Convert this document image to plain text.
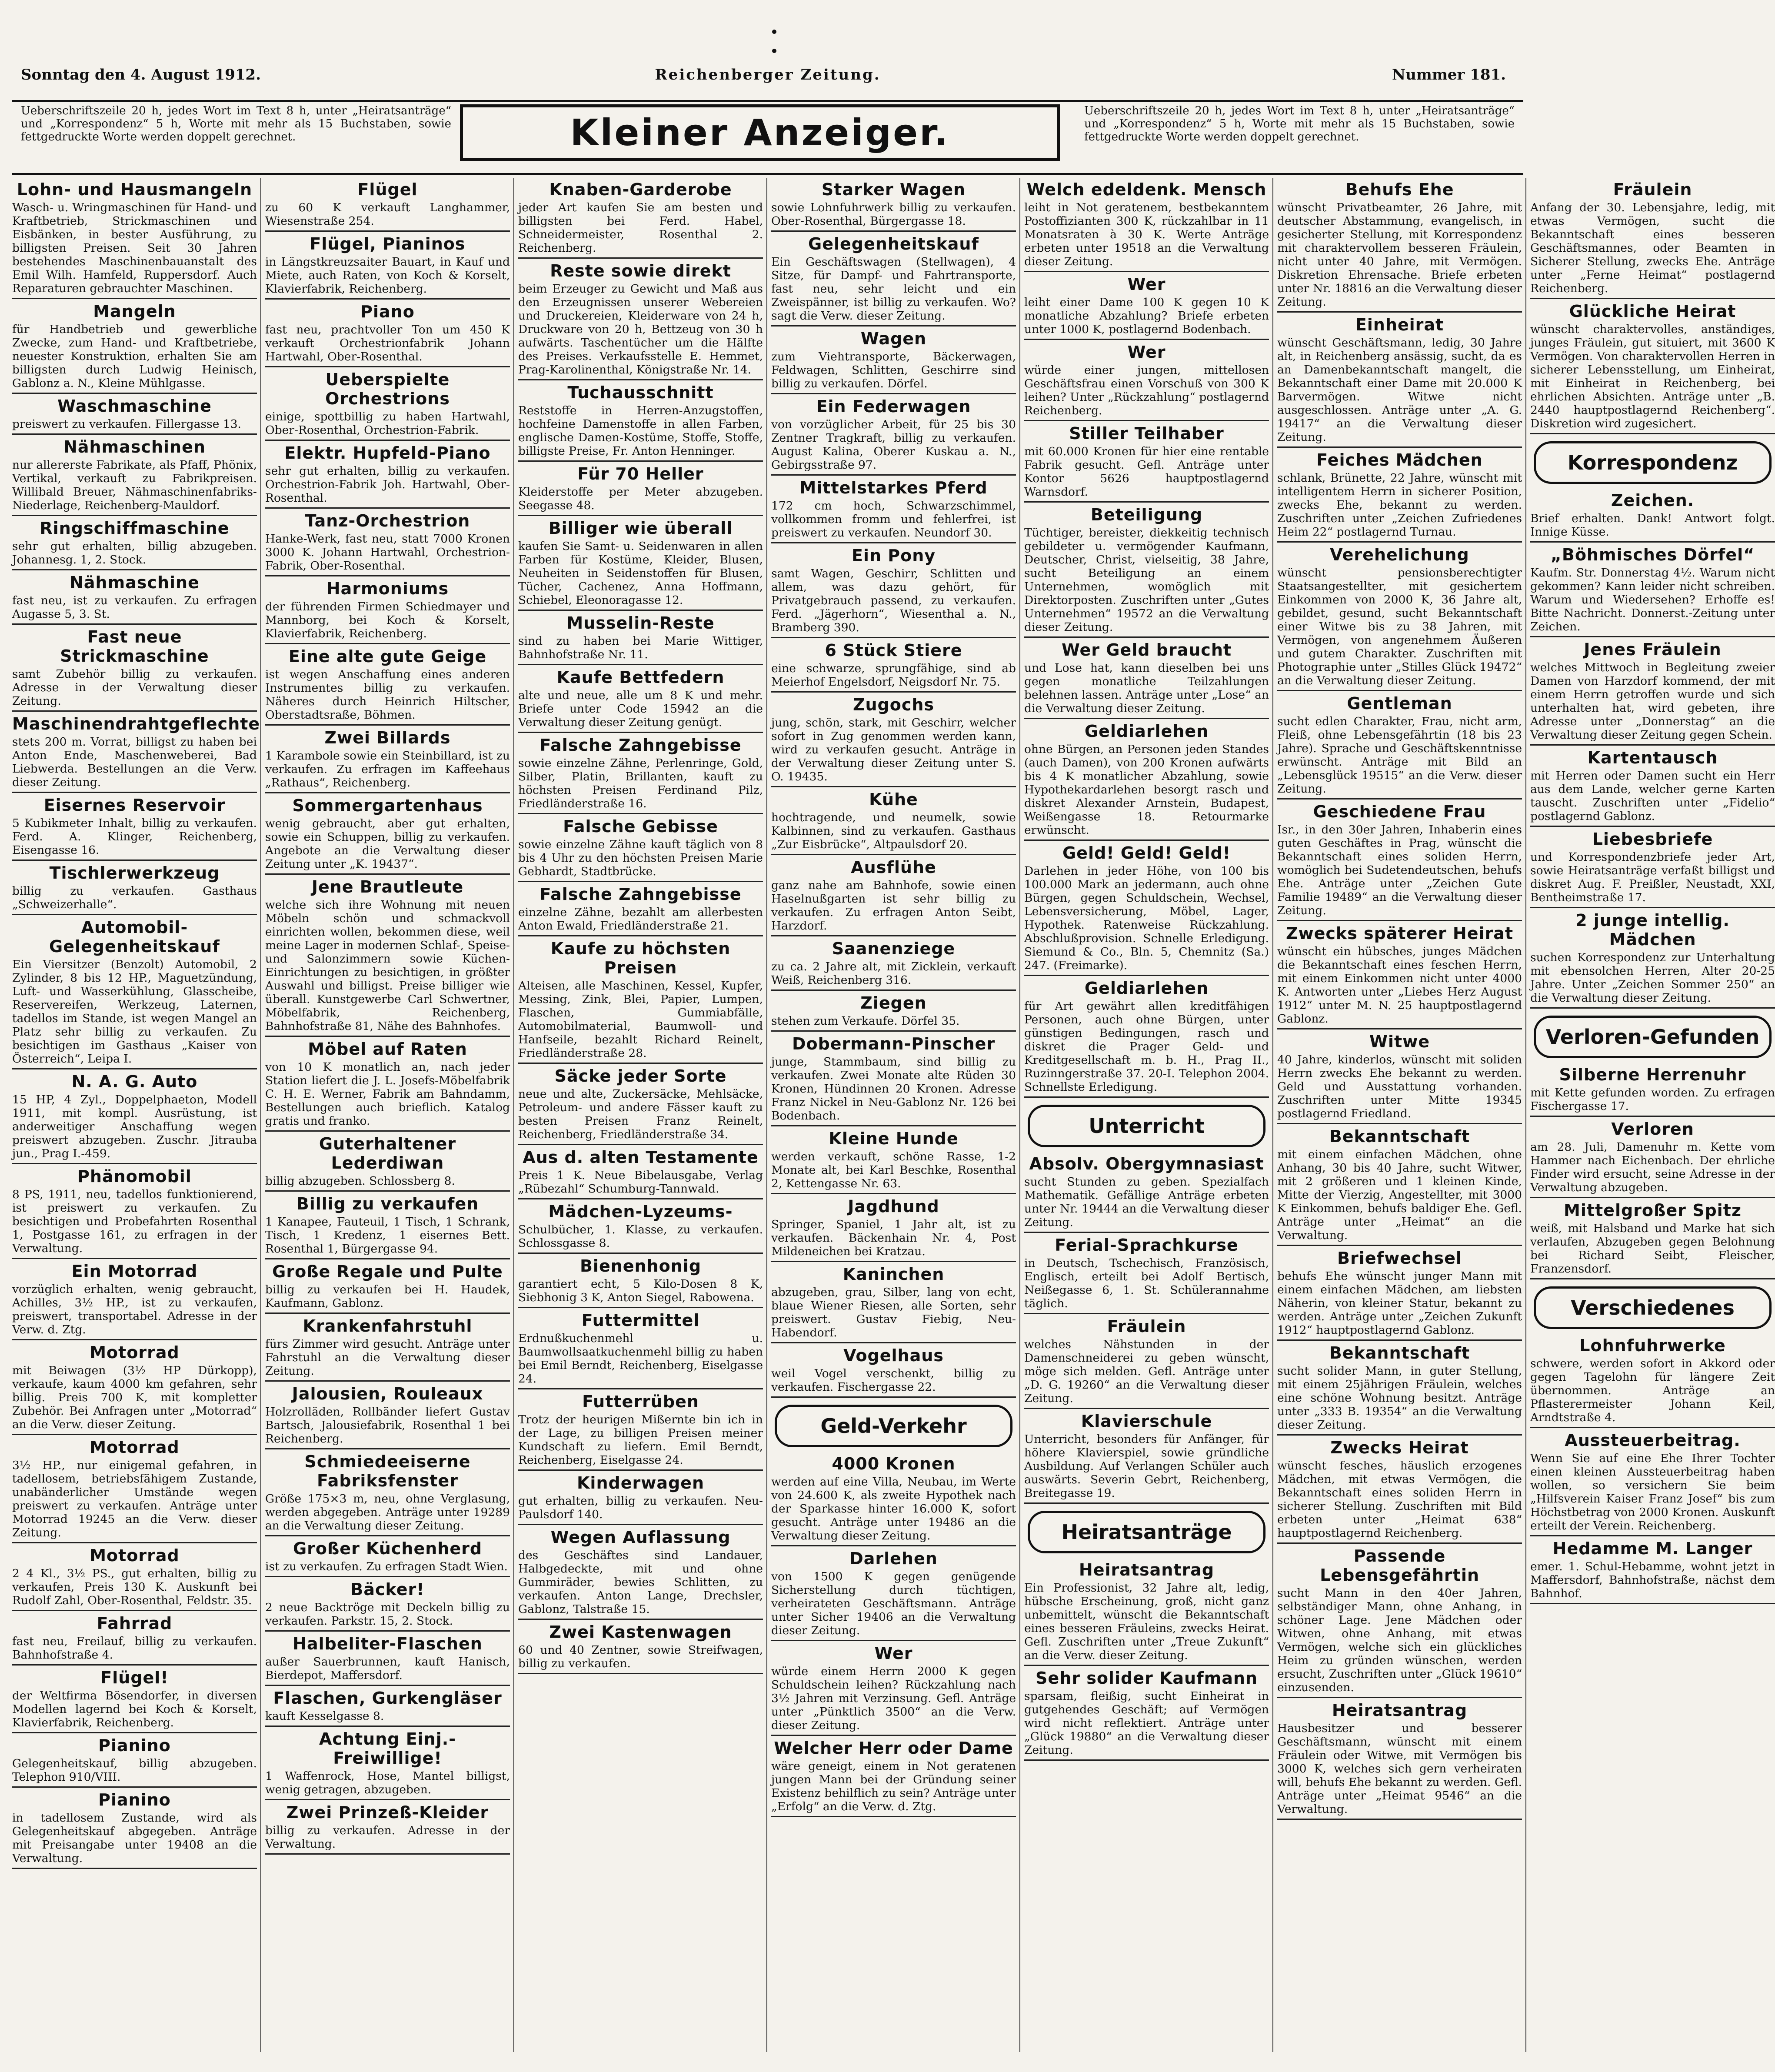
Sonntag den 4. August 1912.	Reichenberger Zeitung.	Nummer 181.
Ueberschriftszeile 20 h, jedes Wort im Text 8 h, unter „Heiratsanträge“ und „Korrespondenz“ 5 h, Worte mit mehr als 15 Buchstaben, sowie fettgedruckte Worte werden doppelt gerechnet.	Kleiner Anzeiger.
Ueberschriftszeile 20 h, jedes Wort im Text 8 h, unter „Heiratsanträge“ und „Korrespondenz“ 5 h, Worte mit mehr als 15 Buchstaben, sowie fettgedruckte Worte werden doppelt gerechnet.
Lohn- und Hausmangeln

Wasch- u. Wringmaschinen für Hand- und Kraftbetrieb, Strickmaschinen und Eisbänken, in bester Ausführung, zu billigsten Preisen. Seit 30 Jahren bestehendes Maschinenbauanstalt des Emil Wilh. Hamfeld, Ruppersdorf. Auch Reparaturen gebrauchter Maschinen.

Mangeln

für Handbetrieb und gewerbliche Zwecke, zum Hand- und Kraftbetriebe, neuester Konstruktion, erhalten Sie am billigsten durch Ludwig Heinisch, Gablonz a. N., Kleine Mühlgasse.

Waschmaschine

preiswert zu verkaufen. Fillergasse 13.

Nähmaschinen

nur allererste Fabrikate, als Pfaff, Phönix, Vertikal, verkauft zu Fabrikpreisen. Willibald Breuer, Nähmaschinenfabriks-Niederlage, Reichenberg-Mauldorf.

Ringschiffmaschine

sehr gut erhalten, billig abzugeben. Johannesg. 1, 2. Stock.

Nähmaschine

fast neu, ist zu verkaufen. Zu erfragen Augasse 5, 3. St.

Fast neue Strickmaschine

samt Zubehör billig zu verkaufen. Adresse in der Verwaltung dieser Zeitung.

Maschinendrahtgeflechte

stets 200 m. Vorrat, billigst zu haben bei Anton Ende, Maschenweberei, Bad Liebwerda. Bestellungen an die Verw. dieser Zeitung.

Eisernes Reservoir

5 Kubikmeter Inhalt, billig zu verkaufen. Ferd. A. Klinger, Reichenberg, Eisengasse 16.

Tischlerwerkzeug

billig zu verkaufen. Gasthaus „Schweizerhalle“.

Automobil-Gelegenheitskauf

Ein Viersitzer (Benzolt) Automobil, 2 Zylinder, 8 bis 12 HP., Maguetzündung, Luft- und Wasserkühlung, Glasscheibe, Reservereifen, Werkzeug, Laternen, tadellos im Stande, ist wegen Mangel an Platz sehr billig zu verkaufen. Zu besichtigen im Gasthaus „Kaiser von Österreich“, Leipa I.

N. A. G. Auto

15 HP, 4 Zyl., Doppelphaeton, Modell 1911, mit kompl. Ausrüstung, ist anderweitiger Anschaffung wegen preiswert abzugeben. Zuschr. Jitrauba jun., Prag I.-459.

Phänomobil

8 PS, 1911, neu, tadellos funktionierend, ist preiswert zu verkaufen. Zu besichtigen und Probefahrten Rosenthal 1, Postgasse 161, zu erfragen in der Verwaltung.

Ein Motorrad

vorzüglich erhalten, wenig gebraucht, Achilles, 3½ HP., ist zu verkaufen, preiswert, transportabel. Adresse in der Verw. d. Ztg.

Motorrad

mit Beiwagen (3½ HP Dürkopp), verkaufe, kaum 4000 km gefahren, sehr billig. Preis 700 K, mit kompletter Zubehör. Bei Anfragen unter „Motorrad“ an die Verw. dieser Zeitung.

Motorrad

3½ HP., nur einigemal gefahren, in tadellosem, betriebsfähigem Zustande, unabänderlicher Umstände wegen preiswert zu verkaufen. Anträge unter Motorrad 19245 an die Verw. dieser Zeitung.

Motorrad

2 4 Kl., 3½ PS., gut erhalten, billig zu verkaufen, Preis 130 K. Auskunft bei Rudolf Zahl, Ober-Rosenthal, Feldstr. 35.

Fahrrad

fast neu, Freilauf, billig zu verkaufen. Bahnhofstraße 4.

Flügel!

der Weltfirma Bösendorfer, in diversen Modellen lagernd bei Koch & Korselt, Klavierfabrik, Reichenberg.

Pianino

Gelegenheitskauf, billig abzugeben. Telephon 910/VIII.

Pianino

in tadellosem Zustande, wird als Gelegenheitskauf abgegeben. Anträge mit Preisangabe unter 19408 an die Verwaltung.

Flügel

zu 60 K verkauft Langhammer, Wiesenstraße 254.

Flügel, Pianinos

in Längstkreuzsaiter Bauart, in Kauf und Miete, auch Raten, von Koch & Korselt, Klavierfabrik, Reichenberg.

Piano

fast neu, prachtvoller Ton um 450 K verkauft Orchestrionfabrik Johann Hartwahl, Ober-Rosenthal.

Ueberspielte Orchestrions

einige, spottbillig zu haben Hartwahl, Ober-Rosenthal, Orchestrion-Fabrik.

Elektr. Hupfeld-Piano

sehr gut erhalten, billig zu verkaufen. Orchestrion-Fabrik Joh. Hartwahl, Ober-Rosenthal.

Tanz-Orchestrion

Hanke-Werk, fast neu, statt 7000 Kronen 3000 K. Johann Hartwahl, Orchestrion-Fabrik, Ober-Rosenthal.

Harmoniums

der führenden Firmen Schiedmayer und Mannborg, bei Koch & Korselt, Klavierfabrik, Reichenberg.

Eine alte gute Geige

ist wegen Anschaffung eines anderen Instrumentes billig zu verkaufen. Näheres durch Heinrich Hiltscher, Oberstadtsraße, Böhmen.

Zwei Billards

1 Karambole sowie ein Steinbillard, ist zu verkaufen. Zu erfragen im Kaffeehaus „Rathaus“, Reichenberg.

Sommergartenhaus

wenig gebraucht, aber gut erhalten, sowie ein Schuppen, billig zu verkaufen. Angebote an die Verwaltung dieser Zeitung unter „K. 19437“.

Jene Brautleute

welche sich ihre Wohnung mit neuen Möbeln schön und schmackvoll einrichten wollen, bekommen diese, weil meine Lager in modernen Schlaf-, Speise- und Salonzimmern sowie Küchen-Einrichtungen zu besichtigen, in größter Auswahl und billigst. Preise billiger wie überall. Kunstgewerbe Carl Schwertner, Möbelfabrik, Reichenberg, Bahnhofstraße 81, Nähe des Bahnhofes.

Möbel auf Raten

von 10 K monatlich an, nach jeder Station liefert die J. L. Josefs-Möbelfabrik C. H. E. Werner, Fabrik am Bahndamm, Bestellungen auch brieflich. Katalog gratis und franko.

Guterhaltener Lederdiwan

billig abzugeben. Schlossberg 8.

Billig zu verkaufen

1 Kanapee, Fauteuil, 1 Tisch, 1 Schrank, Tisch, 1 Kredenz, 1 eisernes Bett. Rosenthal 1, Bürgergasse 94.

Große Regale und Pulte

billig zu verkaufen bei H. Haudek, Kaufmann, Gablonz.

Krankenfahrstuhl

fürs Zimmer wird gesucht. Anträge unter Fahrstuhl an die Verwaltung dieser Zeitung.

Jalousien, Rouleaux

Holzrolläden, Rollbänder liefert Gustav Bartsch, Jalousiefabrik, Rosenthal 1 bei Reichenberg.

Schmiedeeiserne Fabriksfenster

Größe 175×3 m, neu, ohne Verglasung, werden abgegeben. Anträge unter 19289 an die Verwaltung dieser Zeitung.

Großer Küchenherd

ist zu verkaufen. Zu erfragen Stadt Wien.

Bäcker!

2 neue Backtröge mit Deckeln billig zu verkaufen. Parkstr. 15, 2. Stock.

Halbeliter-Flaschen

außer Sauerbrunnen, kauft Hanisch, Bierdepot, Maffersdorf.

Flaschen, Gurkengläser

kauft Kesselgasse 8.

Achtung Einj.-Freiwillige!

1 Waffenrock, Hose, Mantel billigst, wenig getragen, abzugeben.

Zwei Prinzeß-Kleider

billig zu verkaufen. Adresse in der Verwaltung.

Knaben-Garderobe

jeder Art kaufen Sie am besten und billigsten bei Ferd. Habel, Schneidermeister, Rosenthal 2. Reichenberg.

Reste sowie direkt

beim Erzeuger zu Gewicht und Maß aus den Erzeugnissen unserer Webereien und Druckereien, Kleiderware von 24 h, Druckware von 20 h, Bettzeug von 30 h aufwärts. Taschentücher um die Hälfte des Preises. Verkaufsstelle E. Hemmet, Prag-Karolinenthal, Königstraße Nr. 14.

Tuchausschnitt

Reststoffe in Herren-Anzugstoffen, hochfeine Damenstoffe in allen Farben, englische Damen-Kostüme, Stoffe, Stoffe, billigste Preise, Fr. Anton Henninger.

Für 70 Heller

Kleiderstoffe per Meter abzugeben. Seegasse 48.

Billiger wie überall

kaufen Sie Samt- u. Seidenwaren in allen Farben für Kostüme, Kleider, Blusen, Neuheiten in Seidenstoffen für Blusen, Tücher, Cachenez, Anna Hoffmann, Schiebel, Eleonoragasse 12.

Musselin-Reste

sind zu haben bei Marie Wittiger, Bahnhofstraße Nr. 11.

Kaufe Bettfedern

alte und neue, alle um 8 K und mehr. Briefe unter Code 15942 an die Verwaltung dieser Zeitung genügt.

Falsche Zahngebisse

sowie einzelne Zähne, Perlenringe, Gold, Silber, Platin, Brillanten, kauft zu höchsten Preisen Ferdinand Pilz, Friedländerstraße 16.

Falsche Gebisse

sowie einzelne Zähne kauft täglich von 8 bis 4 Uhr zu den höchsten Preisen Marie Gebhardt, Stadtbrücke.

Falsche Zahngebisse

einzelne Zähne, bezahlt am allerbesten Anton Ewald, Friedländerstraße 21.

Kaufe zu höchsten Preisen

Alteisen, alle Maschinen, Kessel, Kupfer, Messing, Zink, Blei, Papier, Lumpen, Flaschen, Gummiabfälle, Automobilmaterial, Baumwoll- und Hanfseile, bezahlt Richard Reinelt, Friedländerstraße 28.

Säcke jeder Sorte

neue und alte, Zuckersäcke, Mehlsäcke, Petroleum- und andere Fässer kauft zu besten Preisen Franz Reinelt, Reichenberg, Friedländerstraße 34.

Aus d. alten Testamente

Preis 1 K. Neue Bibelausgabe, Verlag „Rübezahl“ Schumburg-Tannwald.

Mädchen-Lyzeums-

Schulbücher, 1. Klasse, zu verkaufen. Schlossgasse 8.

Bienenhonig

garantiert echt, 5 Kilo-Dosen 8 K, Siebhonig 3 K, Anton Siegel, Rabowena.

Futtermittel

Erdnußkuchenmehl u. Baumwollsaatkuchenmehl billig zu haben bei Emil Berndt, Reichenberg, Eiselgasse 24.

Futterrüben

Trotz der heurigen Mißernte bin ich in der Lage, zu billigen Preisen meiner Kundschaft zu liefern. Emil Berndt, Reichenberg, Eiselgasse 24.

Kinderwagen

gut erhalten, billig zu verkaufen. Neu-Paulsdorf 140.

Wegen Auflassung

des Geschäftes sind Landauer, Halbgedeckte, mit und ohne Gummiräder, bewies Schlitten, zu verkaufen. Anton Lange, Drechsler, Gablonz, Talstraße 15.

Zwei Kastenwagen

60 und 40 Zentner, sowie Streifwagen, billig zu verkaufen.

Starker Wagen

sowie Lohnfuhrwerk billig zu verkaufen. Ober-Rosenthal, Bürgergasse 18.

Gelegenheitskauf

Ein Geschäftswagen (Stellwagen), 4 Sitze, für Dampf- und Fahrtransporte, fast neu, sehr leicht und ein Zweispänner, ist billig zu verkaufen. Wo? sagt die Verw. dieser Zeitung.

Wagen

zum Viehtransporte, Bäckerwagen, Feldwagen, Schlitten, Geschirre sind billig zu verkaufen. Dörfel.

Ein Federwagen

von vorzüglicher Arbeit, für 25 bis 30 Zentner Tragkraft, billig zu verkaufen. August Kalina, Oberer Kuskau a. N., Gebirgsstraße 97.

Mittelstarkes Pferd

172 cm hoch, Schwarzschimmel, vollkommen fromm und fehlerfrei, ist preiswert zu verkaufen. Neundorf 30.

Ein Pony

samt Wagen, Geschirr, Schlitten und allem, was dazu gehört, für Privatgebrauch passend, zu verkaufen. Ferd. „Jägerhorn“, Wiesenthal a. N., Bramberg 390.

6 Stück Stiere

eine schwarze, sprungfähige, sind ab Meierhof Engelsdorf, Neigsdorf Nr. 75.

Zugochs

jung, schön, stark, mit Geschirr, welcher sofort in Zug genommen werden kann, wird zu verkaufen gesucht. Anträge in der Verwaltung dieser Zeitung unter S. O. 19435.

Kühe

hochtragende, und neumelk, sowie Kalbinnen, sind zu verkaufen. Gasthaus „Zur Eisbrücke“, Altpaulsdorf 20.

Ausflühe

ganz nahe am Bahnhofe, sowie einen Haselnußgarten ist sehr billig zu verkaufen. Zu erfragen Anton Seibt, Harzdorf.

Saanenziege

zu ca. 2 Jahre alt, mit Zicklein, verkauft Weiß, Reichenberg 316.

Ziegen

stehen zum Verkaufe. Dörfel 35.

Dobermann-Pinscher

junge, Stammbaum, sind billig zu verkaufen. Zwei Monate alte Rüden 30 Kronen, Hündinnen 20 Kronen. Adresse Franz Nickel in Neu-Gablonz Nr. 126 bei Bodenbach.

Kleine Hunde

werden verkauft, schöne Rasse, 1-2 Monate alt, bei Karl Beschke, Rosenthal 2, Kettengasse Nr. 63.

Jagdhund

Springer, Spaniel, 1 Jahr alt, ist zu verkaufen. Bäckenhain Nr. 4, Post Mildeneichen bei Kratzau.

Kaninchen

abzugeben, grau, Silber, lang von echt, blaue Wiener Riesen, alle Sorten, sehr preiswert. Gustav Fiebig, Neu-Habendorf.

Vogelhaus

weil Vogel verschenkt, billig zu verkaufen. Fischergasse 22.

Geld-Verkehr
4000 Kronen

werden auf eine Villa, Neubau, im Werte von 24.600 K, als zweite Hypothek nach der Sparkasse hinter 16.000 K, sofort gesucht. Anträge unter 19486 an die Verwaltung dieser Zeitung.

Darlehen

von 1500 K gegen genügende Sicherstellung durch tüchtigen, verheirateten Geschäftsmann. Anträge unter Sicher 19406 an die Verwaltung dieser Zeitung.

Wer

würde einem Herrn 2000 K gegen Schuldschein leihen? Rückzahlung nach 3½ Jahren mit Verzinsung. Gefl. Anträge unter „Pünktlich 3500“ an die Verw. dieser Zeitung.

Welcher Herr oder Dame

wäre geneigt, einem in Not geratenen jungen Mann bei der Gründung seiner Existenz behilflich zu sein? Anträge unter „Erfolg“ an die Verw. d. Ztg.

Welch edeldenk. Mensch

leiht in Not geratenem, bestbekanntem Postoffizianten 300 K, rückzahlbar in 11 Monatsraten à 30 K. Werte Anträge erbeten unter 19518 an die Verwaltung dieser Zeitung.

Wer

leiht einer Dame 100 K gegen 10 K monatliche Abzahlung? Briefe erbeten unter 1000 K, postlagernd Bodenbach.

Wer

würde einer jungen, mittellosen Geschäftsfrau einen Vorschuß von 300 K leihen? Unter „Rückzahlung“ postlagernd Reichenberg.

Stiller Teilhaber

mit 60.000 Kronen für hier eine rentable Fabrik gesucht. Gefl. Anträge unter Kontor 5626 hauptpostlagernd Warnsdorf.

Beteiligung

Tüchtiger, bereister, diekkeitig technisch gebildeter u. vermögender Kaufmann, Deutscher, Christ, vielseitig, 38 Jahre, sucht Beteiligung an einem Unternehmen, womöglich mit Direktorposten. Zuschriften unter „Gutes Unternehmen“ 19572 an die Verwaltung dieser Zeitung.

Wer Geld braucht

und Lose hat, kann dieselben bei uns gegen monatliche Teilzahlungen belehnen lassen. Anträge unter „Lose“ an die Verwaltung dieser Zeitung.

Geldiarlehen

ohne Bürgen, an Personen jeden Standes (auch Damen), von 200 Kronen aufwärts bis 4 K monatlicher Abzahlung, sowie Hypothekardarlehen besorgt rasch und diskret Alexander Arnstein, Budapest, Weißengasse 18. Retourmarke erwünscht.

Geld! Geld! Geld!

Darlehen in jeder Höhe, von 100 bis 100.000 Mark an jedermann, auch ohne Bürgen, gegen Schuldschein, Wechsel, Lebensversicherung, Möbel, Lager, Hypothek. Ratenweise Rückzahlung. Abschlußprovision. Schnelle Erledigung. Siemund & Co., Bln. 5, Chemnitz (Sa.) 247. (Freimarke).

Geldiarlehen

für Art gewährt allen kreditfähigen Personen, auch ohne Bürgen, unter günstigen Bedingungen, rasch und diskret die Prager Geld- und Kreditgesellschaft m. b. H., Prag II., Ruzinngerstraße 37. 20-I. Telephon 2004. Schnellste Erledigung.

Unterricht
Absolv. Obergymnasiast

sucht Stunden zu geben. Spezialfach Mathematik. Gefällige Anträge erbeten unter Nr. 19444 an die Verwaltung dieser Zeitung.

Ferial-Sprachkurse

in Deutsch, Tschechisch, Französisch, Englisch, erteilt bei Adolf Bertisch, Neißegasse 6, 1. St. Schülerannahme täglich.

Fräulein

welches Nähstunden in der Damenschneiderei zu geben wünscht, möge sich melden. Gefl. Anträge unter „D. G. 19260“ an die Verwaltung dieser Zeitung.

Klavierschule

Unterricht, besonders für Anfänger, für höhere Klavierspiel, sowie gründliche Ausbildung. Auf Verlangen Schüler auch auswärts. Severin Gebrt, Reichenberg, Breitegasse 19.

Heiratsanträge
Heiratsantrag

Ein Professionist, 32 Jahre alt, ledig, hübsche Erscheinung, groß, nicht ganz unbemittelt, wünscht die Bekanntschaft eines besseren Fräuleins, zwecks Heirat. Gefl. Zuschriften unter „Treue Zukunft“ an die Verw. dieser Zeitung.

Sehr solider Kaufmann

sparsam, fleißig, sucht Einheirat in gutgehendes Geschäft; auf Vermögen wird nicht reflektiert. Anträge unter „Glück 19880“ an die Verwaltung dieser Zeitung.

Behufs Ehe

wünscht Privatbeamter, 26 Jahre, mit deutscher Abstammung, evangelisch, in gesicherter Stellung, mit Korrespondenz mit charaktervollem besseren Fräulein, nicht unter 40 Jahre, mit Vermögen. Diskretion Ehrensache. Briefe erbeten unter Nr. 18816 an die Verwaltung dieser Zeitung.

Einheirat

wünscht Geschäftsmann, ledig, 30 Jahre alt, in Reichenberg ansässig, sucht, da es an Damenbekanntschaft mangelt, die Bekanntschaft einer Dame mit 20.000 K Barvermögen. Witwe nicht ausgeschlossen. Anträge unter „A. G. 19417“ an die Verwaltung dieser Zeitung.

Feiches Mädchen

schlank, Brünette, 22 Jahre, wünscht mit intelligentem Herrn in sicherer Position, zwecks Ehe, bekannt zu werden. Zuschriften unter „Zeichen Zufriedenes Heim 22“ postlagernd Turnau.

Verehelichung

wünscht pensionsberechtigter Staatsangestellter, mit gesichertem Einkommen von 2000 K, 36 Jahre alt, gebildet, gesund, sucht Bekanntschaft einer Witwe bis zu 38 Jahren, mit Vermögen, von angenehmem Äußeren und gutem Charakter. Zuschriften mit Photographie unter „Stilles Glück 19472“ an die Verwaltung dieser Zeitung.

Gentleman

sucht edlen Charakter, Frau, nicht arm, Fleiß, ohne Lebensgefährtin (18 bis 23 Jahre). Sprache und Geschäftskenntnisse erwünscht. Anträge mit Bild an „Lebensglück 19515“ an die Verw. dieser Zeitung.

Geschiedene Frau

Isr., in den 30er Jahren, Inhaberin eines guten Geschäftes in Prag, wünscht die Bekanntschaft eines soliden Herrn, womöglich bei Sudetendeutschen, behufs Ehe. Anträge unter „Zeichen Gute Familie 19489“ an die Verwaltung dieser Zeitung.

Zwecks späterer Heirat

wünscht ein hübsches, junges Mädchen die Bekanntschaft eines feschen Herrn, mit einem Einkommen nicht unter 4000 K. Antworten unter „Liebes Herz August 1912“ unter M. N. 25 hauptpostlagernd Gablonz.

Witwe

40 Jahre, kinderlos, wünscht mit soliden Herrn zwecks Ehe bekannt zu werden. Geld und Ausstattung vorhanden. Zuschriften unter Mitte 19345 postlagernd Friedland.

Bekanntschaft

mit einem einfachen Mädchen, ohne Anhang, 30 bis 40 Jahre, sucht Witwer, mit 2 größeren und 1 kleinen Kinde, Mitte der Vierzig, Angestellter, mit 3000 K Einkommen, behufs baldiger Ehe. Gefl. Anträge unter „Heimat“ an die Verwaltung.

Briefwechsel

behufs Ehe wünscht junger Mann mit einem einfachen Mädchen, am liebsten Näherin, von kleiner Statur, bekannt zu werden. Anträge unter „Zeichen Zukunft 1912“ hauptpostlagernd Gablonz.

Bekanntschaft

sucht solider Mann, in guter Stellung, mit einem 25jährigen Fräulein, welches eine schöne Wohnung besitzt. Anträge unter „333 B. 19354“ an die Verwaltung dieser Zeitung.

Zwecks Heirat

wünscht fesches, häuslich erzogenes Mädchen, mit etwas Vermögen, die Bekanntschaft eines soliden Herrn in sicherer Stellung. Zuschriften mit Bild erbeten unter „Heimat 638“ hauptpostlagernd Reichenberg.

Passende Lebensgefährtin

sucht Mann in den 40er Jahren, selbständiger Mann, ohne Anhang, in schöner Lage. Jene Mädchen oder Witwen, ohne Anhang, mit etwas Vermögen, welche sich ein glückliches Heim zu gründen wünschen, werden ersucht, Zuschriften unter „Glück 19610“ einzusenden.

Heiratsantrag

Hausbesitzer und besserer Geschäftsmann, wünscht mit einem Fräulein oder Witwe, mit Vermögen bis 3000 K, welches sich gern verheiraten will, behufs Ehe bekannt zu werden. Gefl. Anträge unter „Heimat 9546“ an die Verwaltung.

Fräulein

Anfang der 30. Lebensjahre, ledig, mit etwas Vermögen, sucht die Bekanntschaft eines besseren Geschäftsmannes, oder Beamten in Sicherer Stellung, zwecks Ehe. Anträge unter „Ferne Heimat“ postlagernd Reichenberg.

Glückliche Heirat

wünscht charaktervolles, anständiges, junges Fräulein, gut situiert, mit 3600 K Vermögen. Von charaktervollen Herren in sicherer Lebensstellung, um Einheirat, mit Einheirat in Reichenberg, bei ehrlichen Absichten. Anträge unter „B. 2440 hauptpostlagernd Reichenberg“. Diskretion wird zugesichert.

Korrespondenz
Zeichen.

Brief erhalten. Dank! Antwort folgt. Innige Küsse.

„Böhmisches Dörfel“

Kaufm. Str. Donnerstag 4½. Warum nicht gekommen? Kann leider nicht schreiben. Warum und Wiedersehen? Erhoffe es! Bitte Nachricht. Donnerst.-Zeitung unter Zeichen.

Jenes Fräulein

welches Mittwoch in Begleitung zweier Damen von Harzdorf kommend, der mit einem Herrn getroffen wurde und sich unterhalten hat, wird gebeten, ihre Adresse unter „Donnerstag“ an die Verwaltung dieser Zeitung gegen Schein.

Kartentausch

mit Herren oder Damen sucht ein Herr aus dem Lande, welcher gerne Karten tauscht. Zuschriften unter „Fidelio“ postlagernd Gablonz.

Liebesbriefe

und Korrespondenzbriefe jeder Art, sowie Heiratsanträge verfaßt billigst und diskret Aug. F. Preißler, Neustadt, XXI, Bentheimstraße 17.

2 junge intellig. Mädchen

suchen Korrespondenz zur Unterhaltung mit ebensolchen Herren, Alter 20-25 Jahre. Unter „Zeichen Sommer 250“ an die Verwaltung dieser Zeitung.

Verloren-Gefunden
Silberne Herrenuhr

mit Kette gefunden worden. Zu erfragen Fischergasse 17.

Verloren

am 28. Juli, Damenuhr m. Kette vom Hammer nach Eichenbach. Der ehrliche Finder wird ersucht, seine Adresse in der Verwaltung abzugeben.

Mittelgroßer Spitz

weiß, mit Halsband und Marke hat sich verlaufen, Abzugeben gegen Belohnung bei Richard Seibt, Fleischer, Franzensdorf.

Verschiedenes
Lohnfuhrwerke

schwere, werden sofort in Akkord oder gegen Tagelohn für längere Zeit übernommen. Anträge an Pflasterermeister Johann Keil, Arndtstraße 4.

Aussteuerbeitrag.

Wenn Sie auf eine Ehe Ihrer Tochter einen kleinen Aussteuerbeitrag haben wollen, so versichern Sie beim „Hilfsverein Kaiser Franz Josef“ bis zum Höchstbetrag von 2000 Kronen. Auskunft erteilt der Verein. Reichenberg.

Hedamme M. Langer

emer. 1. Schul-Hebamme, wohnt jetzt in Maffersdorf, Bahnhofstraße, nächst dem Bahnhof.
